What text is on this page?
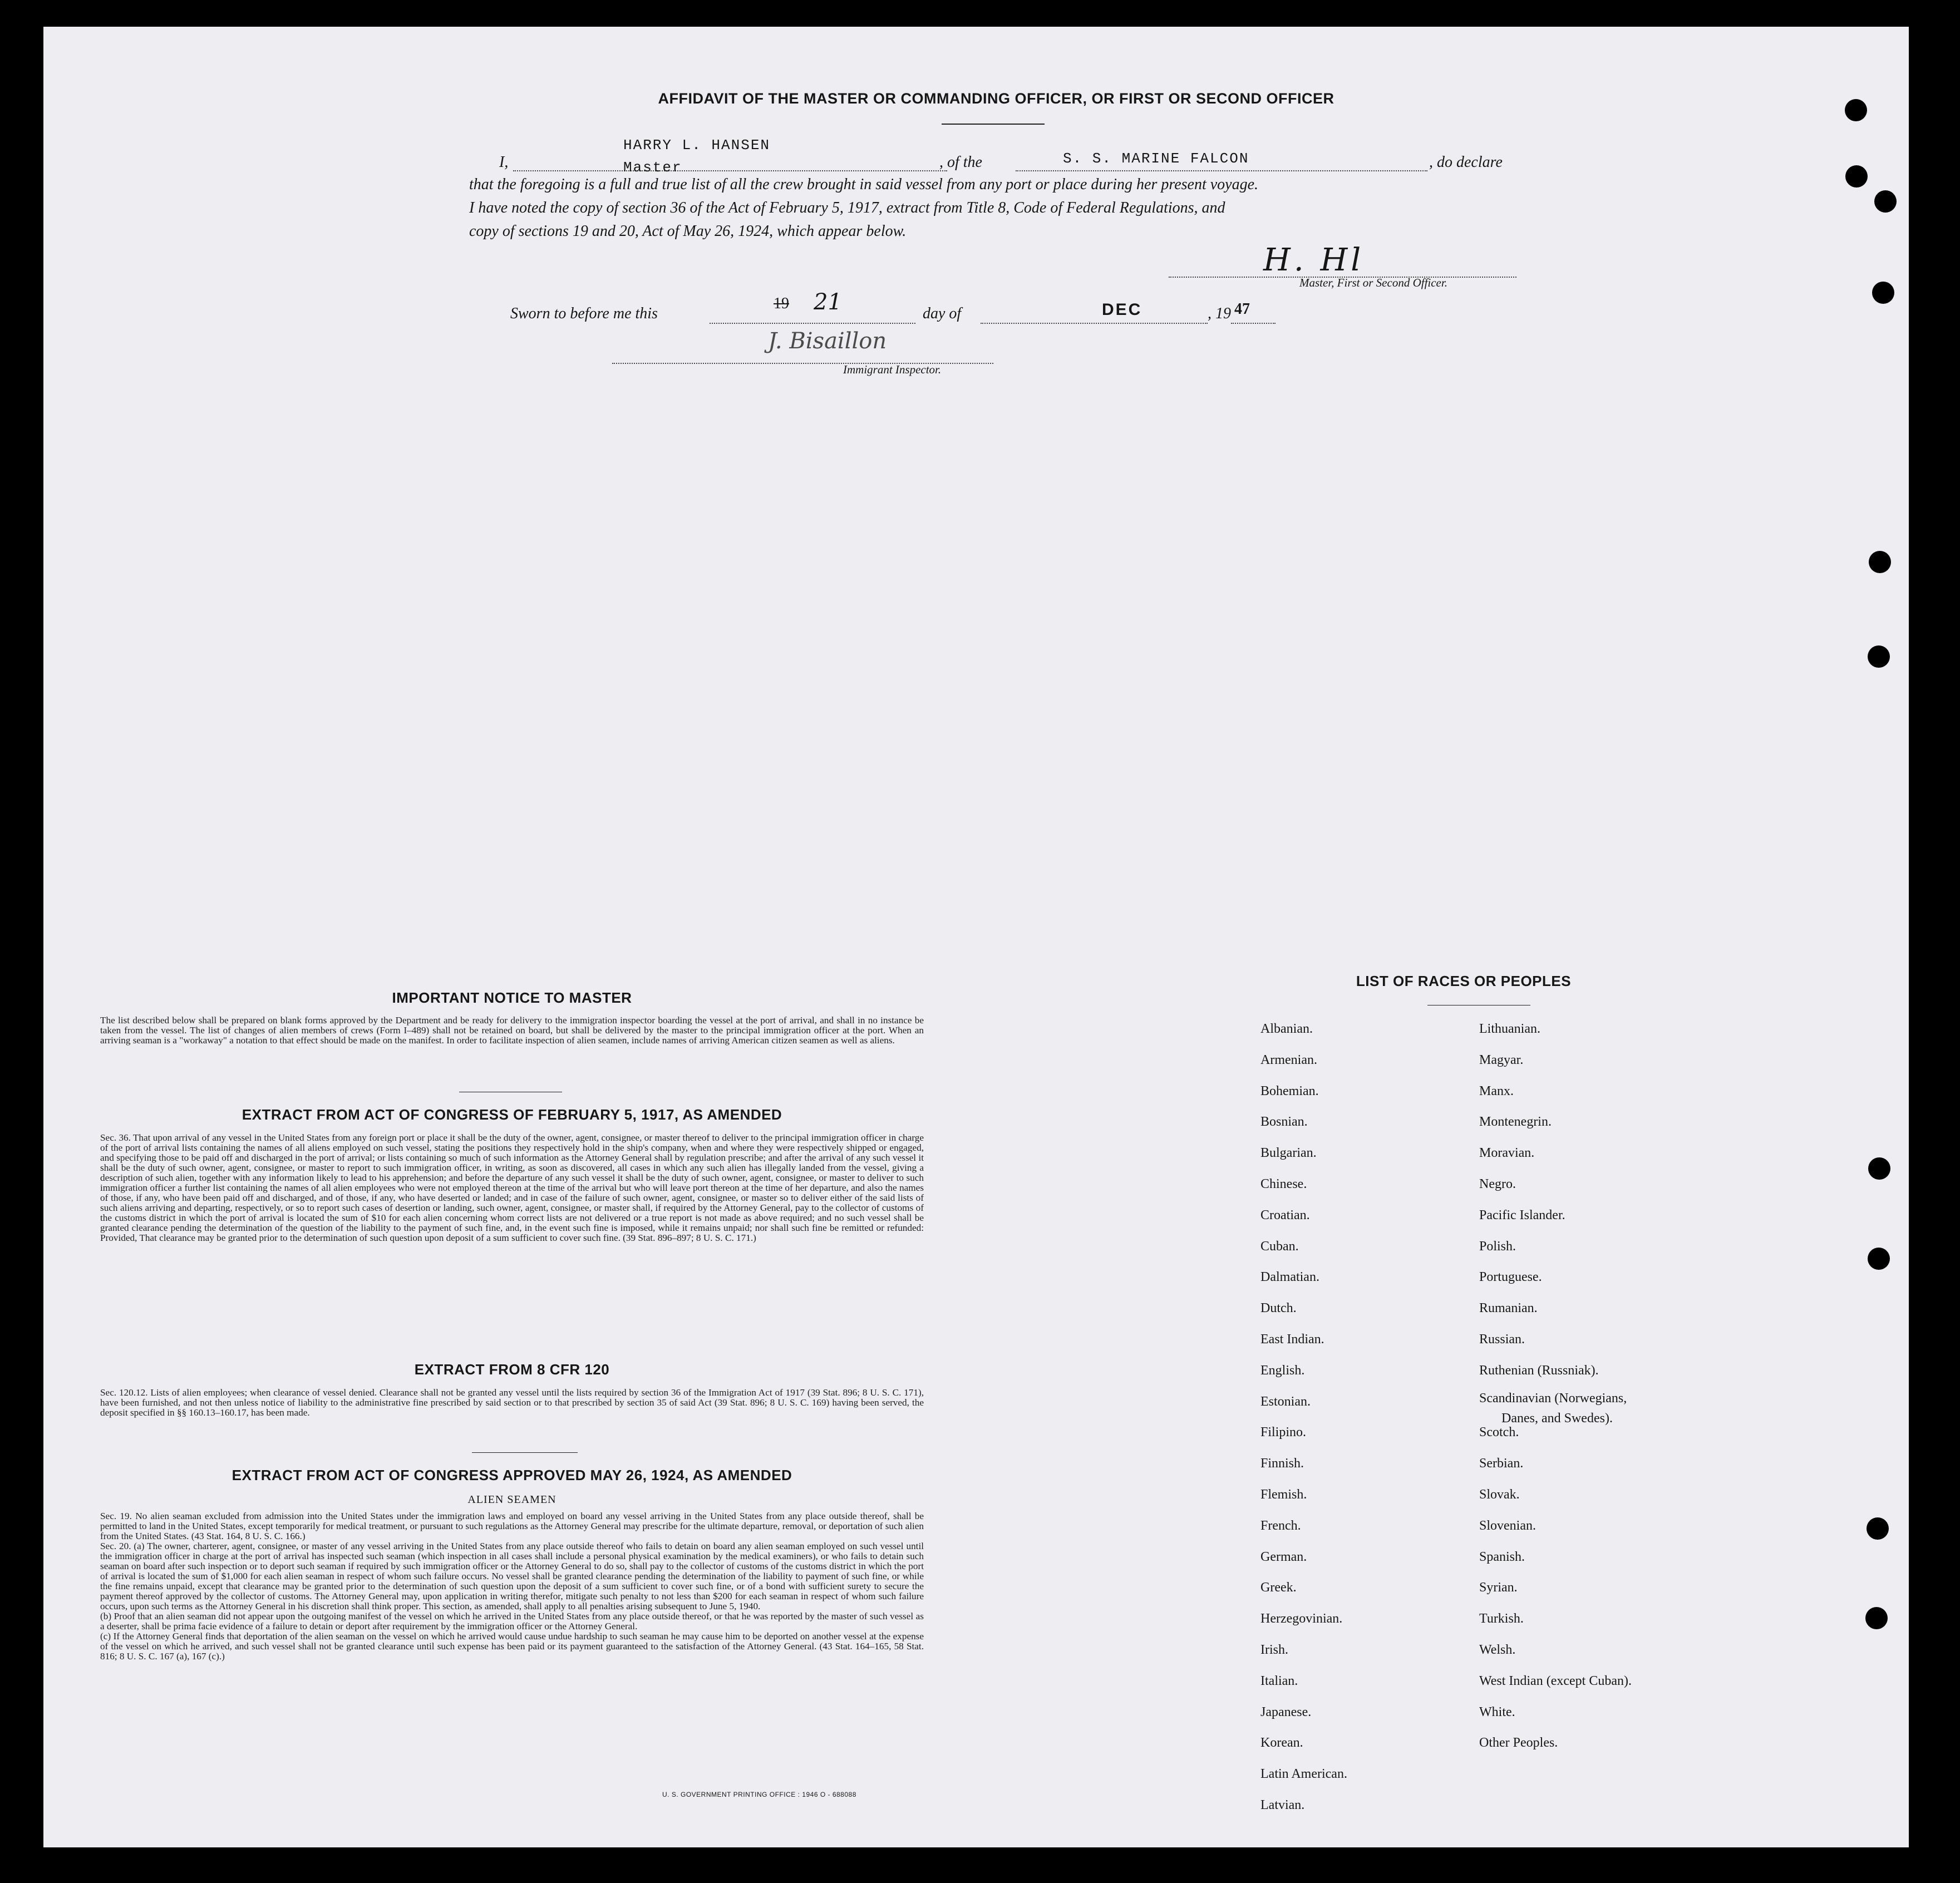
AFFIDAVIT OF THE MASTER OR COMMANDING OFFICER, OR FIRST OR SECOND OFFICER
HARRY L. HANSEN
I,	Master	, of the	S. S. MARINE FALCON	, do declare
that the foregoing is a full and true list of all the crew brought in said vessel from any port or place during her present voyage.
I have noted the copy of section 36 of the Act of February 5, 1917, extract from Title 8, Code of Federal Regulations, and
copy of sections 19 and 20, Act of May 26, 1924, which appear below.
H. Hl
Master, First or Second Officer.
Sworn to before me this
19 21	day of	DEC	, 19 47
J. Bisaillon
Immigrant Inspector.
IMPORTANT NOTICE TO MASTER
The list described below shall be prepared on blank forms approved by the Department and be ready for delivery to the immigration inspector boarding the vessel at the port of arrival, and shall in no instance be taken from the vessel. The list of changes of alien members of crews (Form I–489) shall not be retained on board, but shall be delivered by the master to the principal immigration officer at the port. When an arriving seaman is a "workaway" a notation to that effect should be made on the manifest. In order to facilitate inspection of alien seamen, include names of arriving American citizen seamen as well as aliens.
EXTRACT FROM ACT OF CONGRESS OF FEBRUARY 5, 1917, AS AMENDED
Sec. 36. That upon arrival of any vessel in the United States from any foreign port or place it shall be the duty of the owner, agent, consignee, or master thereof to deliver to the principal immigration officer in charge of the port of arrival lists containing the names of all aliens employed on such vessel, stating the positions they respectively hold in the ship's company, when and where they were respectively shipped or engaged, and specifying those to be paid off and discharged in the port of arrival; or lists containing so much of such information as the Attorney General shall by regulation prescribe; and after the arrival of any such vessel it shall be the duty of such owner, agent, consignee, or master to report to such immigration officer, in writing, as soon as discovered, all cases in which any such alien has illegally landed from the vessel, giving a description of such alien, together with any information likely to lead to his apprehension; and before the departure of any such vessel it shall be the duty of such owner, agent, consignee, or master to deliver to such immigration officer a further list containing the names of all alien employees who were not employed thereon at the time of the arrival but who will leave port thereon at the time of her departure, and also the names of those, if any, who have been paid off and discharged, and of those, if any, who have deserted or landed; and in case of the failure of such owner, agent, consignee, or master so to deliver either of the said lists of such aliens arriving and departing, respectively, or so to report such cases of desertion or landing, such owner, agent, consignee, or master shall, if required by the Attorney General, pay to the collector of customs of the customs district in which the port of arrival is located the sum of $10 for each alien concerning whom correct lists are not delivered or a true report is not made as above required; and no such vessel shall be granted clearance pending the determination of the question of the liability to the payment of such fine, and, in the event such fine is imposed, while it remains unpaid; nor shall such fine be remitted or refunded: Provided, That clearance may be granted prior to the determination of such question upon deposit of a sum sufficient to cover such fine. (39 Stat. 896–897; 8 U. S. C. 171.)
EXTRACT FROM 8 CFR 120
Sec. 120.12. Lists of alien employees; when clearance of vessel denied. Clearance shall not be granted any vessel until the lists required by section 36 of the Immigration Act of 1917 (39 Stat. 896; 8 U. S. C. 171), have been furnished, and not then unless notice of liability to the administrative fine prescribed by said section or to that prescribed by section 35 of said Act (39 Stat. 896; 8 U. S. C. 169) having been served, the deposit specified in §§ 160.13–160.17, has been made.
EXTRACT FROM ACT OF CONGRESS APPROVED MAY 26, 1924, AS AMENDED
ALIEN SEAMEN
Sec. 19. No alien seaman excluded from admission into the United States under the immigration laws and employed on board any vessel arriving in the United States from any place outside thereof, shall be permitted to land in the United States, except temporarily for medical treatment, or pursuant to such regulations as the Attorney General may prescribe for the ultimate departure, removal, or deportation of such alien from the United States. (43 Stat. 164, 8 U. S. C. 166.)
Sec. 20. (a) The owner, charterer, agent, consignee, or master of any vessel arriving in the United States from any place outside thereof who fails to detain on board any alien seaman employed on such vessel until the immigration officer in charge at the port of arrival has inspected such seaman (which inspection in all cases shall include a personal physical examination by the medical examiners), or who fails to detain such seaman on board after such inspection or to deport such seaman if required by such immigration officer or the Attorney General to do so, shall pay to the collector of customs of the customs district in which the port of arrival is located the sum of $1,000 for each alien seaman in respect of whom such failure occurs. No vessel shall be granted clearance pending the determination of the liability to payment of such fine, or while the fine remains unpaid, except that clearance may be granted prior to the determination of such question upon the deposit of a sum sufficient to cover such fine, or of a bond with sufficient surety to secure the payment thereof approved by the collector of customs. The Attorney General may, upon application in writing therefor, mitigate such penalty to not less than $200 for each seaman in respect of whom such failure occurs, upon such terms as the Attorney General in his discretion shall think proper. This section, as amended, shall apply to all penalties arising subsequent to June 5, 1940.
(b) Proof that an alien seaman did not appear upon the outgoing manifest of the vessel on which he arrived in the United States from any place outside thereof, or that he was reported by the master of such vessel as a deserter, shall be prima facie evidence of a failure to detain or deport after requirement by the immigration officer or the Attorney General.
(c) If the Attorney General finds that deportation of the alien seaman on the vessel on which he arrived would cause undue hardship to such seaman he may cause him to be deported on another vessel at the expense of the vessel on which he arrived, and such vessel shall not be granted clearance until such expense has been paid or its payment guaranteed to the satisfaction of the Attorney General. (43 Stat. 164–165, 58 Stat. 816; 8 U. S. C. 167 (a), 167 (c).)
U. S. GOVERNMENT PRINTING OFFICE : 1946 O - 688088
LIST OF RACES OR PEOPLES
Albanian.
Armenian.
Bohemian.
Bosnian.
Bulgarian.
Chinese.
Croatian.
Cuban.
Dalmatian.
Dutch.
East Indian.
English.
Estonian.
Filipino.
Finnish.
Flemish.
French.
German.
Greek.
Herzegovinian.
Irish.
Italian.
Japanese.
Korean.
Latin American.
Latvian.
Lithuanian.
Magyar.
Manx.
Montenegrin.
Moravian.
Negro.
Pacific Islander.
Polish.
Portuguese.
Rumanian.
Russian.
Ruthenian (Russniak).
Scandinavian (Norwegians,
Danes, and Swedes).
Scotch.
Serbian.
Slovak.
Slovenian.
Spanish.
Syrian.
Turkish.
Welsh.
West Indian (except Cuban).
White.
Other Peoples.
